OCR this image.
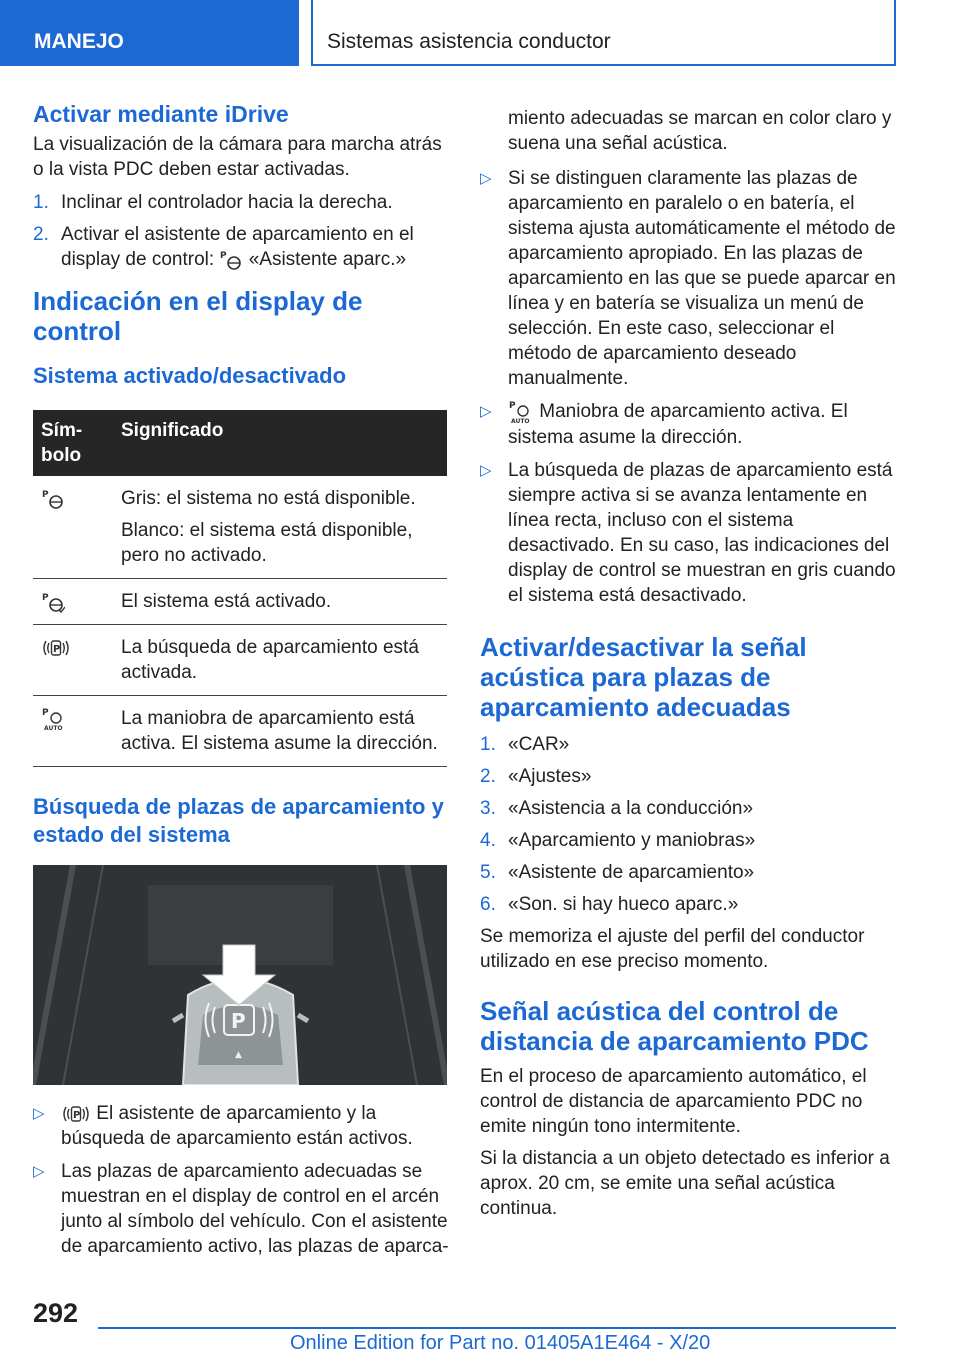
MANEJO	Sistemas asistencia conductor
Activar mediante iDrive

La visualización de la cámara para marcha atrás o la vista PDC deben estar activadas.

1. Inclinar el controlador hacia la derecha.
2. Activar el asistente de aparcamiento en el display de control: P «Asistente aparc.»
Indicación en el display de control
Sistema activado/desactivado
Sím-bolo	Significado

P	Gris: el sistema no está disponible.

Blanco: el sistema está disponible, pero no activado.

P	El sistema está activado.

P	La búsqueda de aparcamiento está activada.

P
AUTO	La maniobra de aparcamiento está activa. El sistema asume la dirección.
Búsqueda de plazas de aparcamiento y estado del sistema
P
▲
▷	P El asistente de aparcamiento y la búsqueda de aparcamiento están activos.
▷ Las plazas de aparcamiento adecuadas se muestran en el display de control en el arcén junto al símbolo del vehículo. Con el asistente de aparcamiento activo, las plazas de aparca-

miento adecuadas se marcan en color claro y suena una señal acústica.

▷ Si se distinguen claramente las plazas de aparcamiento en paralelo o en batería, el sistema ajusta automáticamente el método de aparcamiento apropiado. En las plazas de aparcamiento en las que se puede aparcar en línea y en batería se visualiza un menú de selección. En este caso, seleccionar el método de aparcamiento deseado manualmente.
▷	P
AUTO Maniobra de aparcamiento activa. El sistema asume la dirección.
▷ La búsqueda de plazas de aparcamiento está siempre activa si se avanza lentamente en línea recta, incluso con el sistema desactivado. En su caso, las indicaciones del display de control se muestran en gris cuando el sistema está desactivado.
Activar/desactivar la señal acústica para plazas de aparcamiento adecuadas
1. «CAR»
2. «Ajustes»
3. «Asistencia a la conducción»
4. «Aparcamiento y maniobras»
5. «Asistente de aparcamiento»
6. «Son. si hay hueco aparc.»

Se memoriza el ajuste del perfil del conductor utilizado en ese preciso momento.

Señal acústica del control de distancia de aparcamiento PDC

En el proceso de aparcamiento automático, el control de distancia de aparcamiento PDC no emite ningún tono intermitente.

Si la distancia a un objeto detectado es inferior a aprox. 20 cm, se emite una señal acústica continua.

292
Online Edition for Part no. 01405A1E464 - X/20
